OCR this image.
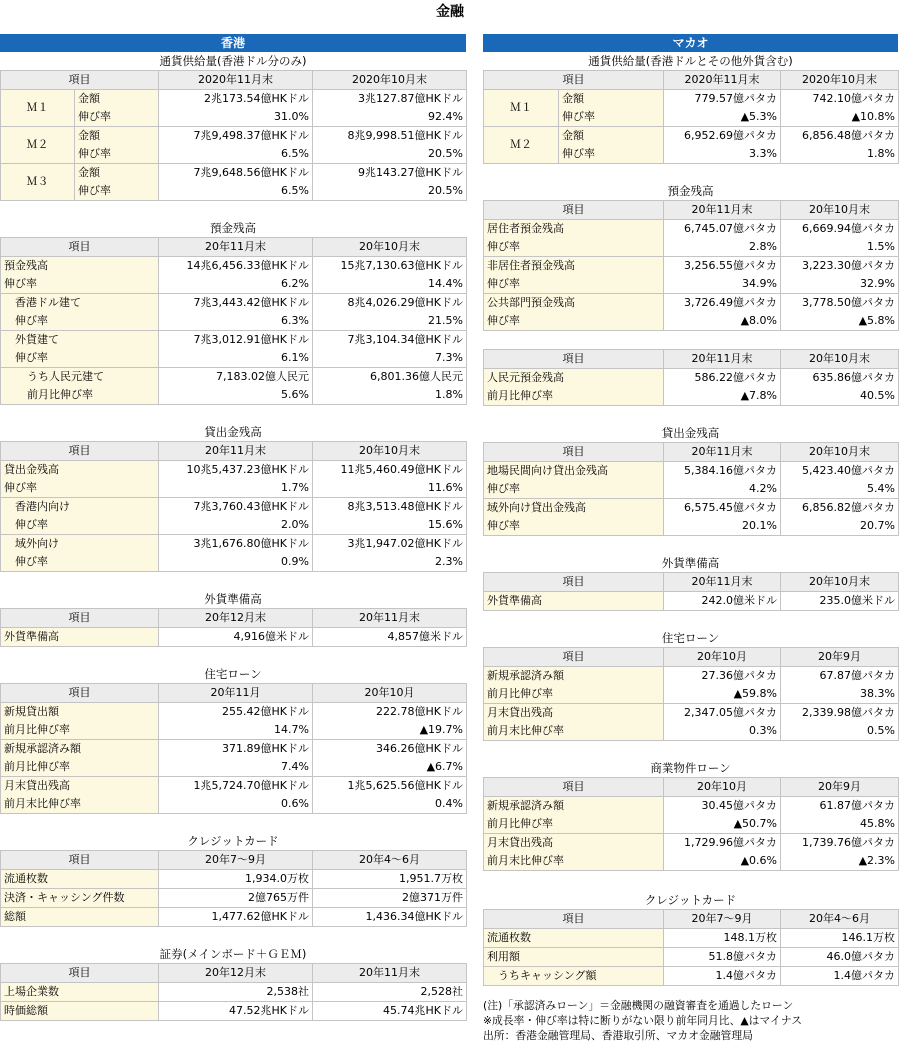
金融
香港
通貨供給量(香港ドル分のみ)
項目		2020年11月末	2020年10月末
Ｍ１	金額	2兆173.54億HKドル	3兆127.87億HKドル
	伸び率	31.0%	92.4%
Ｍ２	金額	7兆9,498.37億HKドル	8兆9,998.51億HKドル
	伸び率	6.5%	20.5%
Ｍ３	金額	7兆9,648.56億HKドル	9兆143.27億HKドル
	伸び率	6.5%	20.5%
預金残高
項目	20年11月末	20年10月末
預金残高	14兆6,456.33億HKドル	15兆7,130.63億HKドル
伸び率	6.2%	14.4%
香港ドル建て	7兆3,443.42億HKドル	8兆4,026.29億HKドル
伸び率	6.3%	21.5%
外貨建て	7兆3,012.91億HKドル	7兆3,104.34億HKドル
伸び率	6.1%	7.3%
うち人民元建て	7,183.02億人民元	6,801.36億人民元
前月比伸び率	5.6%	1.8%
貸出金残高
項目	20年11月末	20年10月末
貸出金残高	10兆5,437.23億HKドル	11兆5,460.49億HKドル
伸び率	1.7%	11.6%
香港内向け	7兆3,760.43億HKドル	8兆3,513.48億HKドル
伸び率	2.0%	15.6%
域外向け	3兆1,676.80億HKドル	3兆1,947.02億HKドル
伸び率	0.9%	2.3%
外貨準備高
項目	20年12月末	20年11月末
外貨準備高	4,916億米ドル	4,857億米ドル
住宅ローン
項目	20年11月	20年10月
新規貸出額	255.42億HKドル	222.78億HKドル
前月比伸び率	14.7%	▲19.7%
新規承認済み額	371.89億HKドル	346.26億HKドル
前月比伸び率	7.4%	▲6.7%
月末貸出残高	1兆5,724.70億HKドル	1兆5,625.56億HKドル
前月末比伸び率	0.6%	0.4%
クレジットカード
項目	20年7～9月	20年4～6月
流通枚数	1,934.0万枚	1,951.7万枚
決済・キャッシング件数	2億765万件	2億371万件
総額	1,477.62億HKドル	1,436.34億HKドル
証券(メインボード＋ＧＥＭ)
項目	20年12月末	20年11月末
上場企業数	2,538社	2,528社
時価総額	47.52兆HKドル	45.74兆HKドル
マカオ
通貨供給量(香港ドルとその他外貨含む)
項目		2020年11月末	2020年10月末
Ｍ１	金額	779.57億パタカ	742.10億パタカ
	伸び率	▲5.3%	▲10.8%
Ｍ２	金額	6,952.69億パタカ	6,856.48億パタカ
	伸び率	3.3%	1.8%
預金残高
項目	20年11月末	20年10月末
居住者預金残高	6,745.07億パタカ	6,669.94億パタカ
伸び率	2.8%	1.5%
非居住者預金残高	3,256.55億パタカ	3,223.30億パタカ
伸び率	34.9%	32.9%
公共部門預金残高	3,726.49億パタカ	3,778.50億パタカ
伸び率	▲8.0%	▲5.8%
項目	20年11月末	20年10月末
人民元預金残高	586.22億パタカ	635.86億パタカ
前月比伸び率	▲7.8%	40.5%
貸出金残高
項目	20年11月末	20年10月末
地場民間向け貸出金残高	5,384.16億パタカ	5,423.40億パタカ
伸び率	4.2%	5.4%
域外向け貸出金残高	6,575.45億パタカ	6,856.82億パタカ
伸び率	20.1%	20.7%
外貨準備高
項目	20年11月末	20年10月末
外貨準備高	242.0億米ドル	235.0億米ドル
住宅ローン
項目	20年10月	20年9月
新規承認済み額	27.36億パタカ	67.87億パタカ
前月比伸び率	▲59.8%	38.3%
月末貸出残高	2,347.05億パタカ	2,339.98億パタカ
前月末比伸び率	0.3%	0.5%
商業物件ローン
項目	20年10月	20年9月
新規承認済み額	30.45億パタカ	61.87億パタカ
前月比伸び率	▲50.7%	45.8%
月末貸出残高	1,729.96億パタカ	1,739.76億パタカ
前月末比伸び率	▲0.6%	▲2.3%
クレジットカード
項目	20年7～9月	20年4～6月
流通枚数	148.1万枚	146.1万枚
利用額	51.8億パタカ	46.0億パタカ
うちキャッシング額	1.4億パタカ	1.4億パタカ
(注)「承認済みローン」＝金融機関の融資審査を通過したローン
※成長率・伸び率は特に断りがない限り前年同月比、▲はマイナス
出所：香港金融管理局、香港取引所、マカオ金融管理局
